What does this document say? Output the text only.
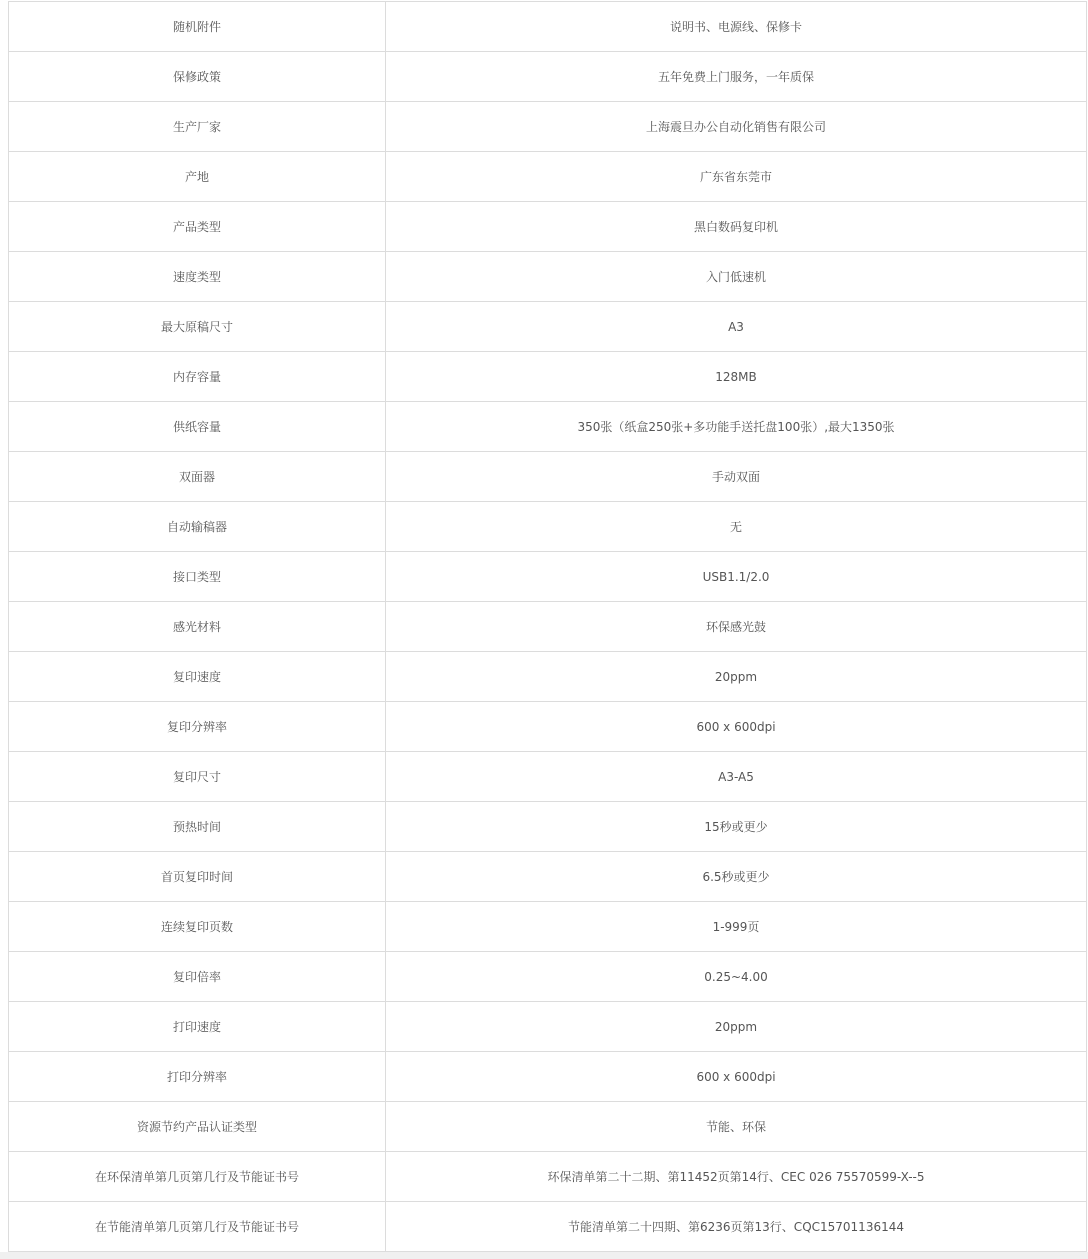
随机附件	说明书、电源线、保修卡
保修政策	五年免费上门服务，一年质保
生产厂家	上海震旦办公自动化销售有限公司
产地	广东省东莞市
产品类型	黑白数码复印机
速度类型	入门低速机
最大原稿尺寸	A3
内存容量	128MB
供纸容量	350张（纸盒250张+多功能手送托盘100张）,最大1350张
双面器	手动双面
自动输稿器	无
接口类型	USB1.1/2.0
感光材料	环保感光鼓
复印速度	20ppm
复印分辨率	600 x 600dpi
复印尺寸	A3-A5
预热时间	15秒或更少
首页复印时间	6.5秒或更少
连续复印页数	1-999页
复印倍率	0.25~4.00
打印速度	20ppm
打印分辨率	600 x 600dpi
资源节约产品认证类型	节能、环保
在环保清单第几页第几行及节能证书号	环保清单第二十二期、第11452页第14行、CEC 026 75570599-X--5
在节能清单第几页第几行及节能证书号	节能清单第二十四期、第6236页第13行、CQC15701136144
